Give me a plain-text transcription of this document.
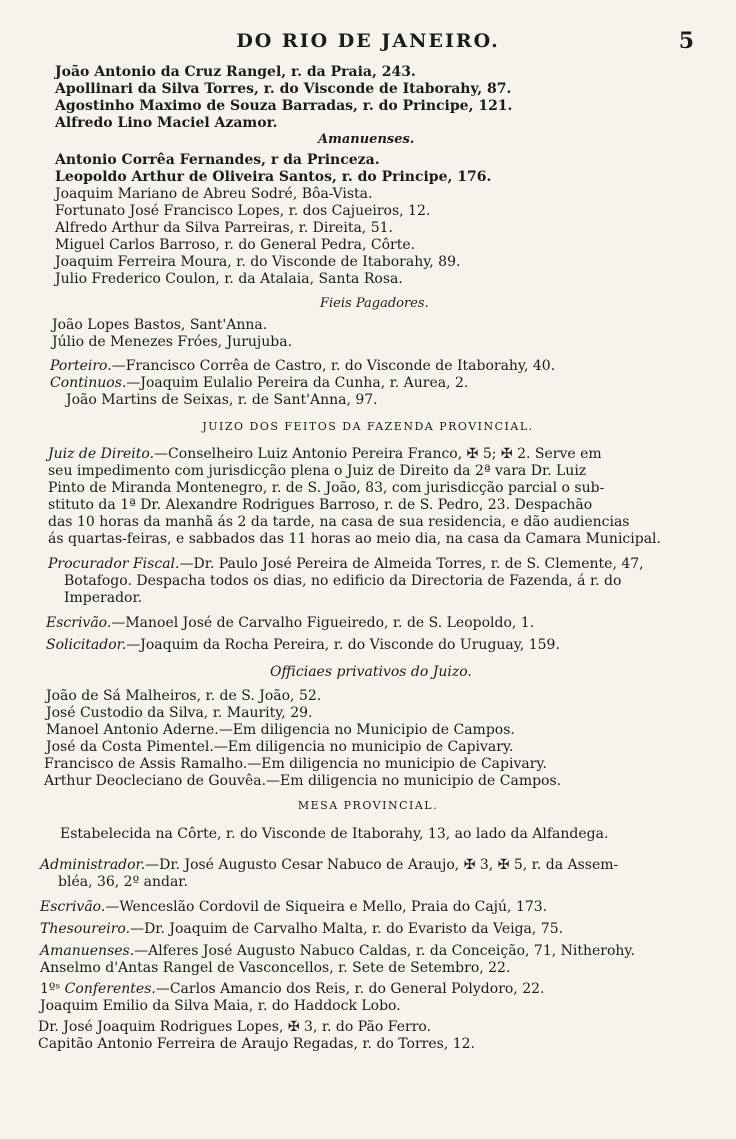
DO RIO DE JANEIRO.	5
João Antonio da Cruz Rangel, r. da Praia, 243.
Apollinari da Silva Torres, r. do Visconde de Itaborahy, 87.
Agostinho Maximo de Souza Barradas, r. do Principe, 121.
Alfredo Lino Maciel Azamor.
Amanuenses.
Antonio Corrêa Fernandes, r da Princeza.
Leopoldo Arthur de Oliveira Santos, r. do Principe, 176.
Joaquim Mariano de Abreu Sodré, Bôa-Vista.
Fortunato José Francisco Lopes, r. dos Cajueiros, 12.
Alfredo Arthur da Silva Parreiras, r. Direita, 51.
Miguel Carlos Barroso, r. do General Pedra, Côrte.
Joaquim Ferreira Moura, r. do Visconde de Itaborahy, 89.
Julio Frederico Coulon, r. da Atalaia, Santa Rosa.
Fieis Pagadores.
João Lopes Bastos, Sant'Anna.
Júlio de Menezes Fróes, Jurujuba.
Porteiro.—Francisco Corrêa de Castro, r. do Visconde de Itaborahy, 40.
Continuos.—Joaquim Eulalio Pereira da Cunha, r. Aurea, 2.
João Martins de Seixas, r. de Sant'Anna, 97.
JUIZO DOS FEITOS DA FAZENDA PROVINCIAL.
Juiz de Direito.—Conselheiro Luiz Antonio Pereira Franco, ✠ 5; ✠ 2. Serve em
seu impedimento com jurisdicção plena o Juiz de Direito da 2ª vara Dr. Luiz
Pinto de Miranda Montenegro, r. de S. João, 83, com jurisdicção parcial o sub-
stituto da 1ª Dr. Alexandre Rodrigues Barroso, r. de S. Pedro, 23. Despachão
das 10 horas da manhã ás 2 da tarde, na casa de sua residencia, e dão audiencias
ás quartas-feiras, e sabbados das 11 horas ao meio dia, na casa da Camara Municipal.
Procurador Fiscal.—Dr. Paulo José Pereira de Almeida Torres, r. de S. Clemente, 47,
Botafogo. Despacha todos os dias, no edificio da Directoria de Fazenda, á r. do
Imperador.
Escrivão.—Manoel José de Carvalho Figueiredo, r. de S. Leopoldo, 1.
Solicitador.—Joaquim da Rocha Pereira, r. do Visconde do Uruguay, 159.
Officiaes privativos do Juizo.
João de Sá Malheiros, r. de S. João, 52.
José Custodio da Silva, r. Maurity, 29.
Manoel Antonio Aderne.—Em diligencia no Municipio de Campos.
José da Costa Pimentel.—Em diligencia no municipio de Capivary.
Francisco de Assis Ramalho.—Em diligencia no municipio de Capivary.
Arthur Deocleciano de Gouvêa.—Em diligencia no municipio de Campos.
MESA PROVINCIAL.
Estabelecida na Côrte, r. do Visconde de Itaborahy, 13, ao lado da Alfandega.
Administrador.—Dr. José Augusto Cesar Nabuco de Araujo, ✠ 3, ✠ 5, r. da Assem-
bléa, 36, 2º andar.
Escrivão.—Wenceslão Cordovil de Siqueira e Mello, Praia do Cajú, 173.
Thesoureiro.—Dr. Joaquim de Carvalho Malta, r. do Evaristo da Veiga, 75.
Amanuenses.—Alferes José Augusto Nabuco Caldas, r. da Conceição, 71, Nitherohy.
Anselmo d'Antas Rangel de Vasconcellos, r. Sete de Setembro, 22.
1ºˢ Conferentes.—Carlos Amancio dos Reis, r. do General Polydoro, 22.
Joaquim Emilio da Silva Maia, r. do Haddock Lobo.
Dr. José Joaquim Rodrigues Lopes, ✠ 3, r. do Pão Ferro.
Capitão Antonio Ferreira de Araujo Regadas, r. do Torres, 12.
